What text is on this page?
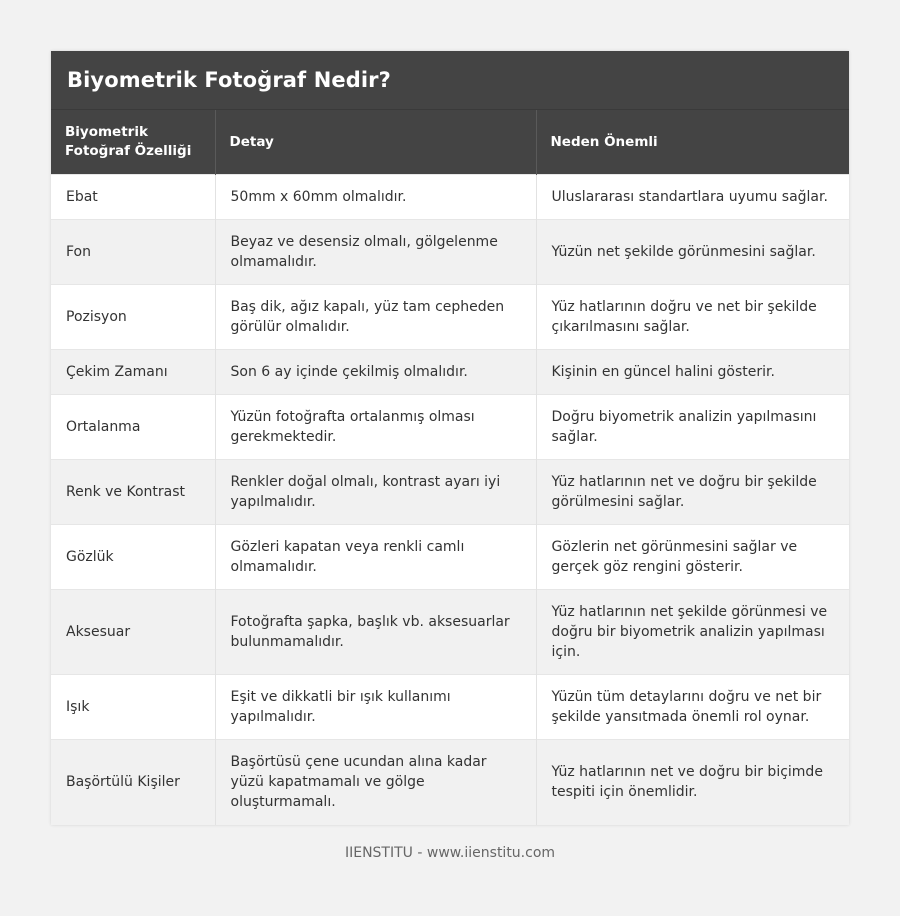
Biyometrik Fotoğraf Nedir?
Biyometrik Fotoğraf Özelliği	Detay	Neden Önemli
Ebat	50mm x 60mm olmalıdır.	Uluslararası standartlara uyumu sağlar.
Fon	Beyaz ve desensiz olmalı, gölgelenme olmamalıdır.	Yüzün net şekilde görünmesini sağlar.
Pozisyon	Baş dik, ağız kapalı, yüz tam cepheden görülür olmalıdır.	Yüz hatlarının doğru ve net bir şekilde çıkarılmasını sağlar.
Çekim Zamanı	Son 6 ay içinde çekilmiş olmalıdır.	Kişinin en güncel halini gösterir.
Ortalanma	Yüzün fotoğrafta ortalanmış olması gerekmektedir.	Doğru biyometrik analizin yapılmasını sağlar.
Renk ve Kontrast	Renkler doğal olmalı, kontrast ayarı iyi yapılmalıdır.	Yüz hatlarının net ve doğru bir şekilde görülmesini sağlar.
Gözlük	Gözleri kapatan veya renkli camlı olmamalıdır.	Gözlerin net görünmesini sağlar ve gerçek göz rengini gösterir.
Aksesuar	Fotoğrafta şapka, başlık vb. aksesuarlar bulunmamalıdır.	Yüz hatlarının net şekilde görünmesi ve doğru bir biyometrik analizin yapılması için.
Işık	Eşit ve dikkatli bir ışık kullanımı yapılmalıdır.	Yüzün tüm detaylarını doğru ve net bir şekilde yansıtmada önemli rol oynar.
Başörtülü Kişiler	Başörtüsü çene ucundan alına kadar yüzü kapatmamalı ve gölge oluşturmamalı.	Yüz hatlarının net ve doğru bir biçimde tespiti için önemlidir.
IIENSTITU - www.iienstitu.com
